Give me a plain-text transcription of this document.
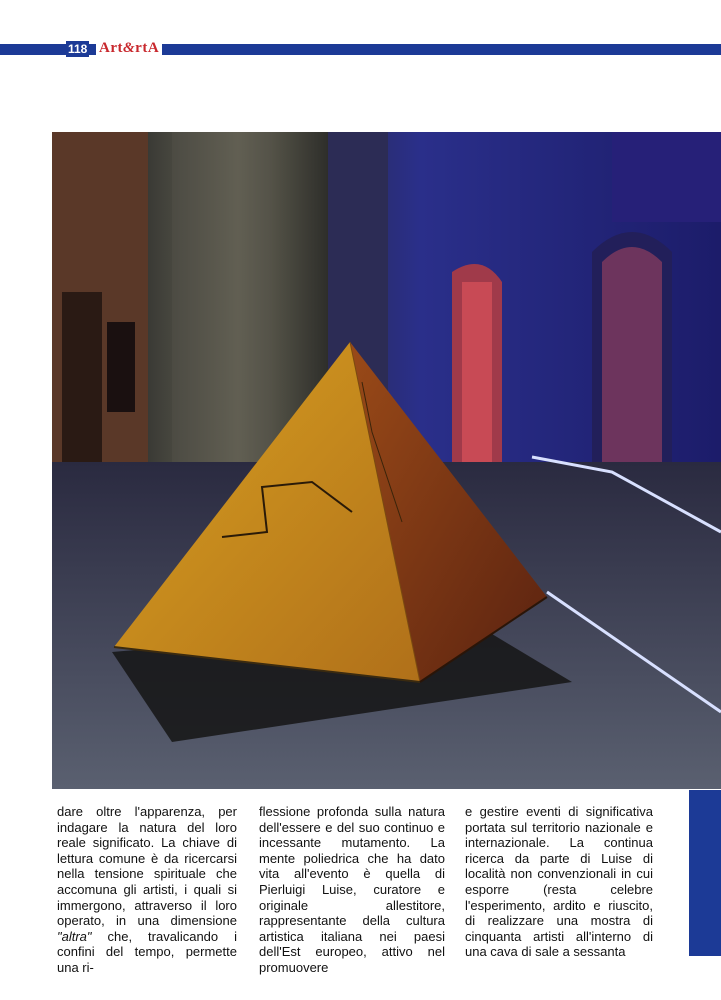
118 Art&rtA

dare oltre l'apparenza, per indagare la natura del loro reale significato. La chiave di lettura comune è da ricercarsi nella tensione spirituale che accomuna gli artisti, i quali si immergono, attraverso il loro operato, in una dimensione "altra" che, travalicando i confini del tempo, permette una ri-

flessione profonda sulla natura dell'essere e del suo continuo e incessante mutamento. La mente poliedrica che ha dato vita all'evento è quella di Pierluigi Luise, curatore e originale allestitore, rappresentante della cultura artistica italiana nei paesi dell'Est europeo, attivo nel promuovere

e gestire eventi di significativa portata sul territorio nazionale e internazionale. La continua ricerca da parte di Luise di località non convenzionali in cui esporre (resta celebre l'esperimento, ardito e riuscito, di realizzare una mostra di cinquanta artisti all'interno di una cava di sale a sessanta
